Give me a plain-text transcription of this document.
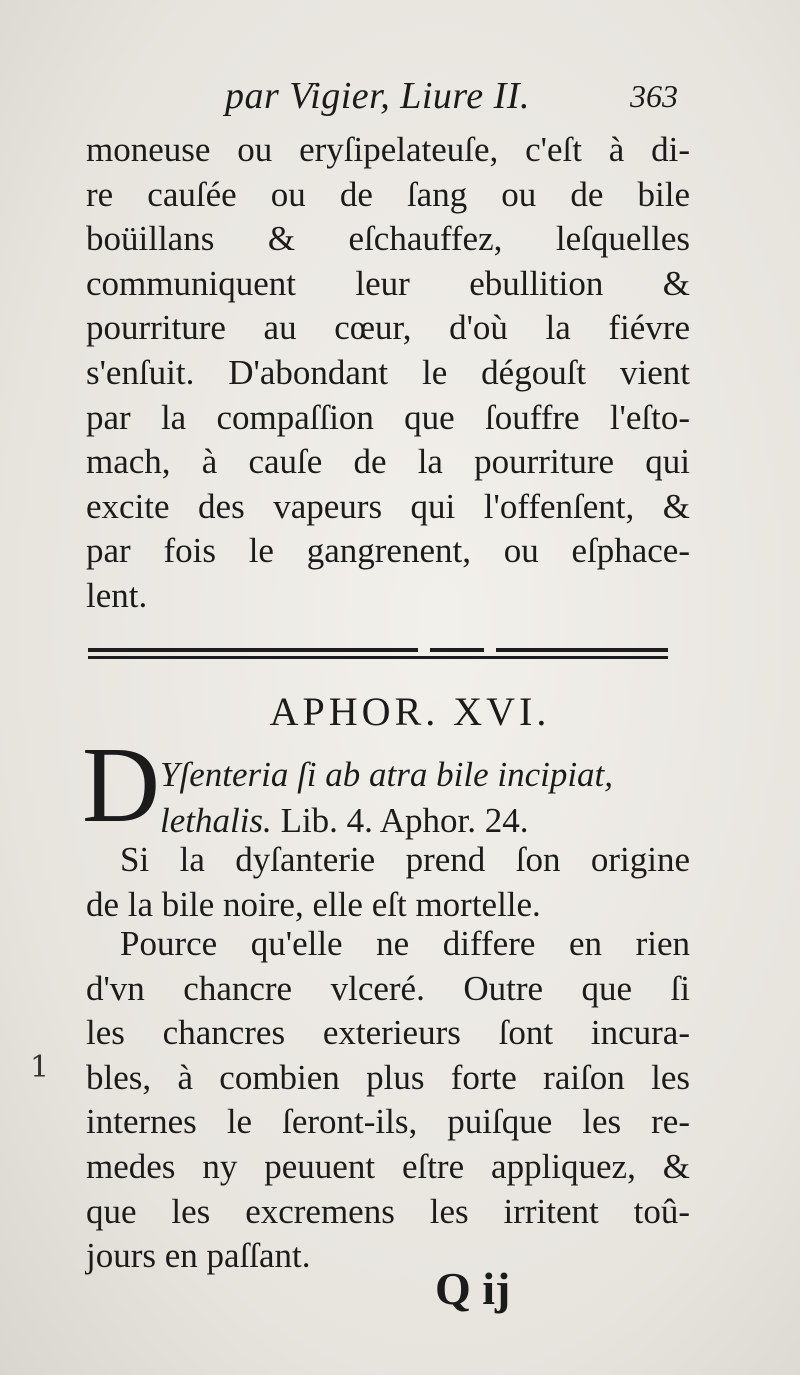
par Vigier, Liure II.	363
moneuse ou eryſipelateuſe, c'eſt à di-
re cauſée ou de ſang ou de bile
boüillans & eſchauffez, leſquelles
communiquent leur ebullition &
pourriture au cœur, d'où la fiévre
s'enſuit. D'abondant le dégouſt vient
par la compaſſion que ſouffre l'eſto-
mach, à cauſe de la pourriture qui
excite des vapeurs qui l'offenſent, &
par fois le gangrenent, ou eſphace-
lent.
APHOR. XVI.
D Yſenteria ſi ab atra bile incipiat,
lethalis. Lib. 4. Aphor. 24.
Si la dyſanterie prend ſon origine
de la bile noire, elle eſt mortelle.
Pource qu'elle ne differe en rien
d'vn chancre vlceré. Outre que ſi
les chancres exterieurs ſont incura-
bles, à combien plus forte raiſon les
internes le ſeront-ils, puiſque les re-
medes ny peuuent eſtre appliquez, &
que les excremens les irritent toû-
jours en paſſant.
Q ij
1
